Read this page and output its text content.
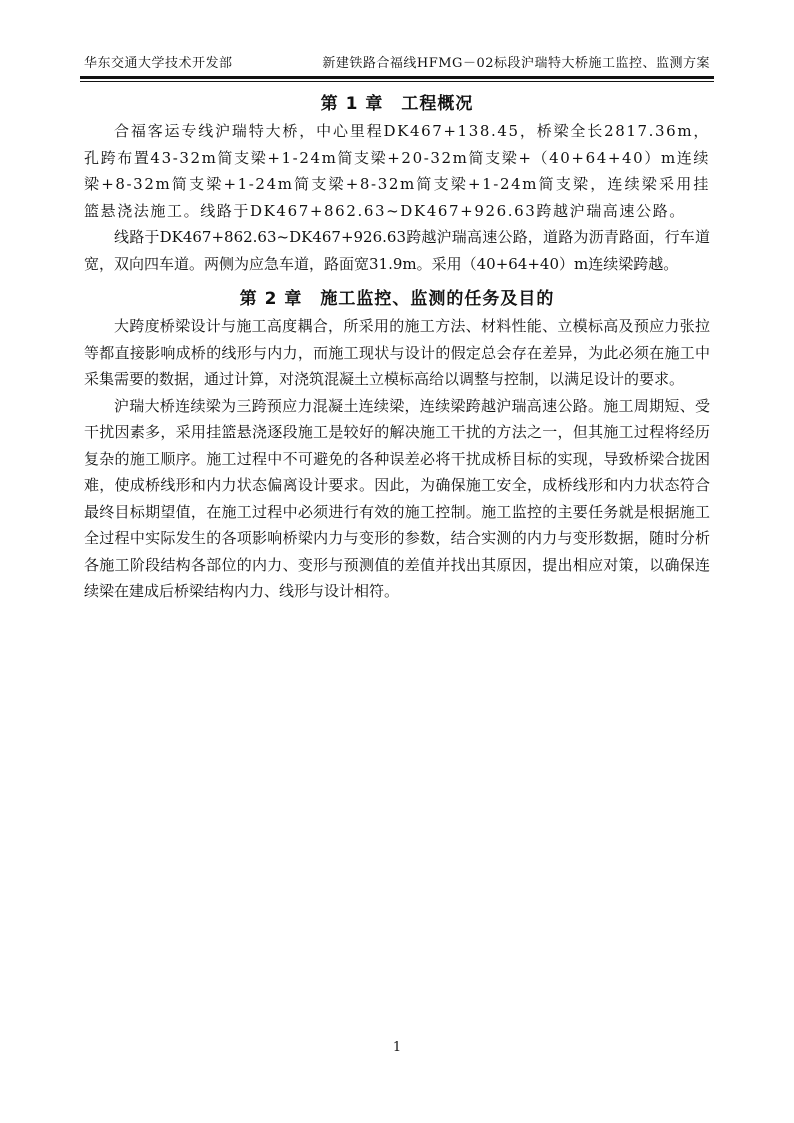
华东交通大学技术开发部	新建铁路合福线HFMG－02标段沪瑞特大桥施工监控、监测方案
第 1 章　工程概况

合福客运专线沪瑞特大桥，中心里程DK467+138.45，桥梁全长2817.36m，孔跨布置43-32m简支梁+1-24m简支梁+20-32m简支梁+（40+64+40）m连续梁+8-32m简支梁+1-24m简支梁+8-32m简支梁+1-24m简支梁，连续梁采用挂篮悬浇法施工。线路于DK467+862.63~DK467+926.63跨越沪瑞高速公路。

线路于DK467+862.63~DK467+926.63跨越沪瑞高速公路，道路为沥青路面，行车道宽，双向四车道。两侧为应急车道，路面宽31.9m。采用（40+64+40）m连续梁跨越。

第 2 章　施工监控、监测的任务及目的

大跨度桥梁设计与施工高度耦合，所采用的施工方法、材料性能、立模标高及预应力张拉等都直接影响成桥的线形与内力，而施工现状与设计的假定总会存在差异，为此必须在施工中采集需要的数据，通过计算，对浇筑混凝土立模标高给以调整与控制，以满足设计的要求。

沪瑞大桥连续梁为三跨预应力混凝土连续梁，连续梁跨越沪瑞高速公路。施工周期短、受干扰因素多，采用挂篮悬浇逐段施工是较好的解决施工干扰的方法之一，但其施工过程将经历复杂的施工顺序。施工过程中不可避免的各种误差必将干扰成桥目标的实现，导致桥梁合拢困难，使成桥线形和内力状态偏离设计要求。因此，为确保施工安全，成桥线形和内力状态符合最终目标期望值，在施工过程中必须进行有效的施工控制。施工监控的主要任务就是根据施工全过程中实际发生的各项影响桥梁内力与变形的参数，结合实测的内力与变形数据，随时分析各施工阶段结构各部位的内力、变形与预测值的差值并找出其原因，提出相应对策，以确保连续梁在建成后桥梁结构内力、线形与设计相符。

1
